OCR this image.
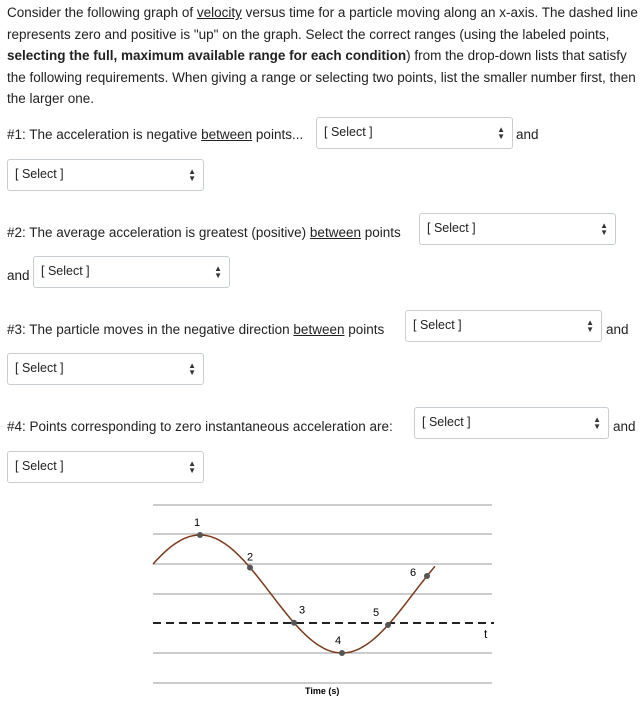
Consider the following graph of velocity versus time for a particle moving along an x-axis. The dashed line represents zero and positive is "up" on the graph. Select the correct ranges (using the labeled points, selecting the full, maximum available range for each condition) from the drop-down lists that satisfy the following requirements. When giving a range or selecting two points, list the smaller number first, then the larger one.
#1: The acceleration is negative between points... [ Select ]	▲
▼ and
[ Select ]	▲
▼
#2: The average acceleration is greatest (positive) between points [ Select ]	▲
▼
and [ Select ]	▲
▼
#3: The particle moves in the negative direction between points [ Select ]	▲
▼ and
[ Select ]	▲
▼
#4: Points corresponding to zero instantaneous acceleration are: [ Select ]	▲
▼ and
[ Select ]	▲
▼
1
2
3
4
5
6
t
Time (s)
